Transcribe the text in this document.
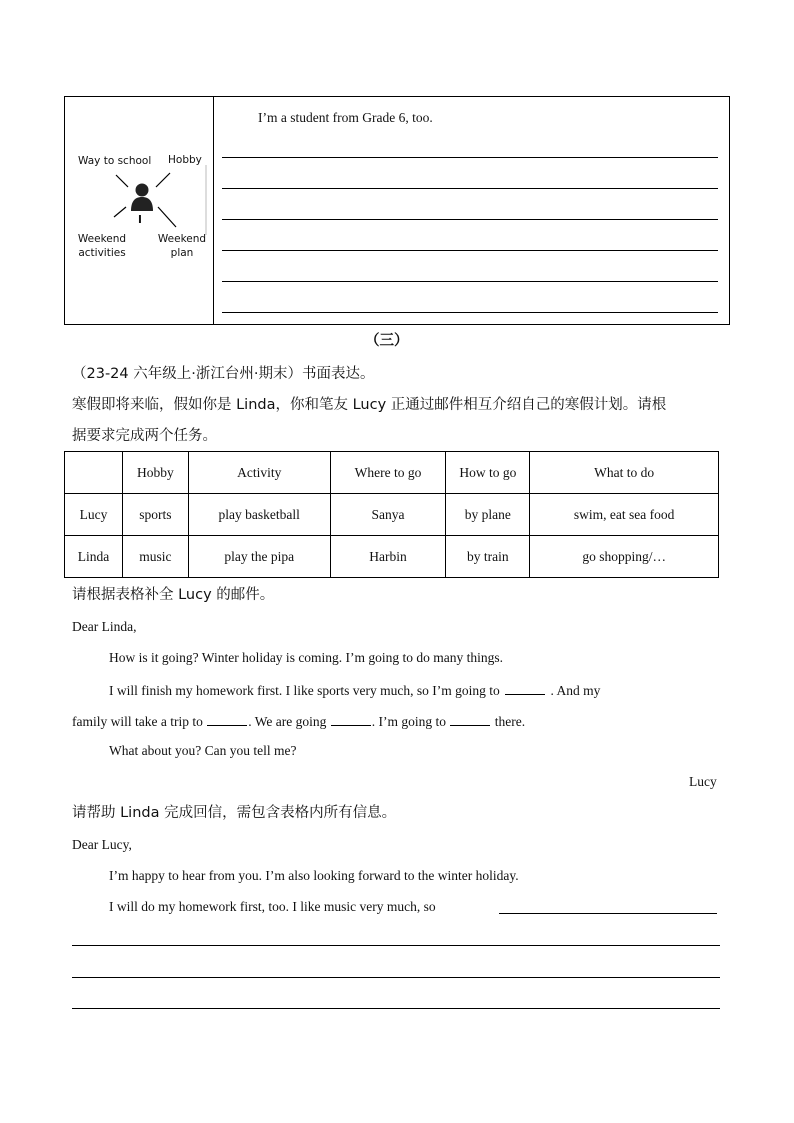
Way to school Hobby
Weekend
activities
Weekend
plan
I
I’m a student from Grade 6, too.
（三）
（23-24 六年级上·浙江台州·期末）书面表达。
寒假即将来临，假如你是 Linda，你和笔友 Lucy 正通过邮件相互介绍自己的寒假计划。请根
据要求完成两个任务。
	Hobby	Activity	Where to go	How to go	What to do
Lucy	sports	play basketball	Sanya	by plane	swim, eat sea food
Linda	music	play the pipa	Harbin	by train	go shopping/…
请根据表格补全 Lucy 的邮件。
Dear Linda,
How is it going? Winter holiday is coming. I’m going to do many things.
I will finish my homework first. I like sports very much, so I’m going to	. And my
family will take a trip to	. We are going	. I’m going to	there.
What about you? Can you tell me?
Lucy
请帮助 Linda 完成回信，需包含表格内所有信息。
Dear Lucy,
I’m happy to hear from you. I’m also looking forward to the winter holiday.
I will do my homework first, too. I like music very much, so
